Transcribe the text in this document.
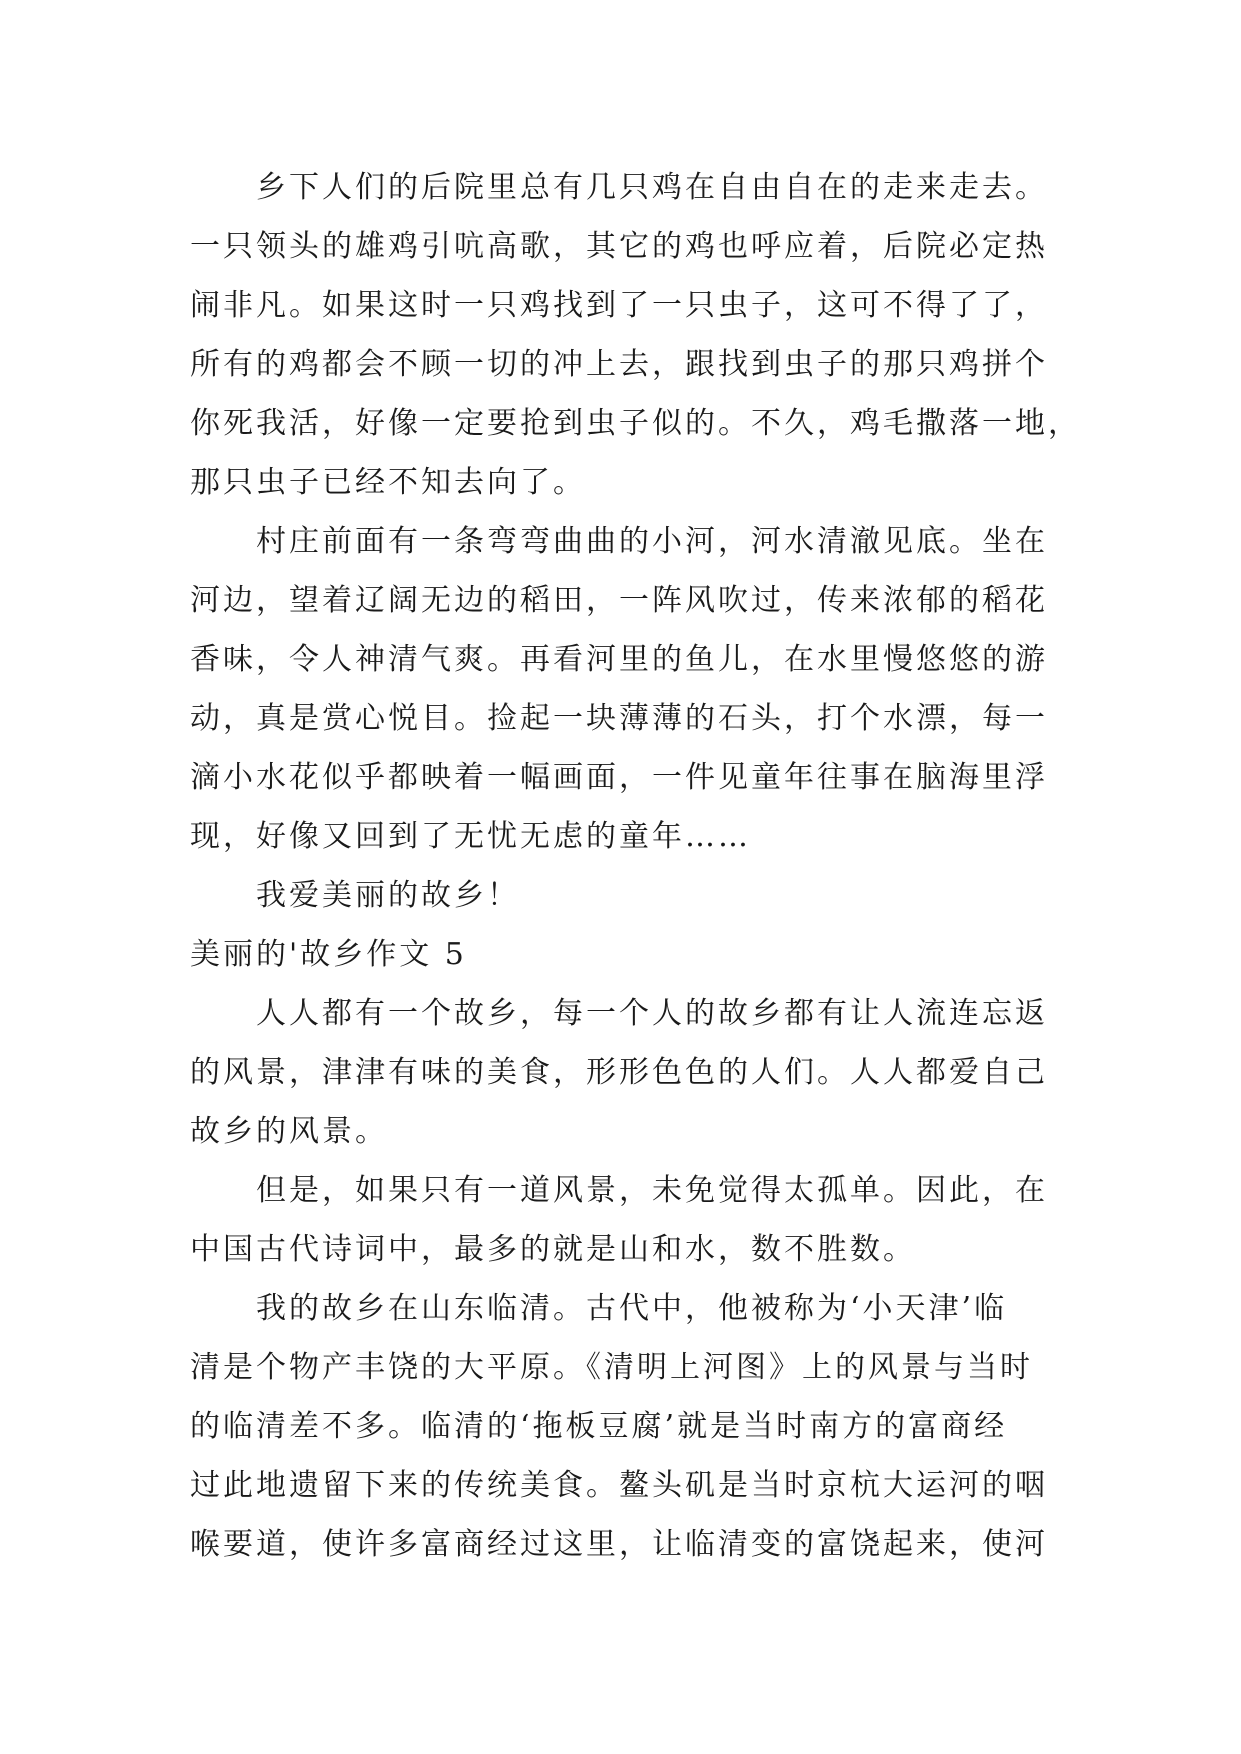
乡下人们的后院里总有几只鸡在自由自在的走来走去。
一只领头的雄鸡引吭高歌，其它的鸡也呼应着，后院必定热
闹非凡。如果这时一只鸡找到了一只虫子，这可不得了了，
所有的鸡都会不顾一切的冲上去，跟找到虫子的那只鸡拼个
你死我活，好像一定要抢到虫子似的。不久，鸡毛撒落一地，
那只虫子已经不知去向了。
村庄前面有一条弯弯曲曲的小河，河水清澈见底。坐在
河边，望着辽阔无边的稻田，一阵风吹过，传来浓郁的稻花
香味，令人神清气爽。再看河里的鱼儿，在水里慢悠悠的游
动，真是赏心悦目。捡起一块薄薄的石头，打个水漂，每一
滴小水花似乎都映着一幅画面，一件见童年往事在脑海里浮
现，好像又回到了无忧无虑的童年……
我爱美丽的故乡！
美丽的'故乡作文 5
人人都有一个故乡，每一个人的故乡都有让人流连忘返
的风景，津津有味的美食，形形色色的人们。人人都爱自己
故乡的风景。
但是，如果只有一道风景，未免觉得太孤单。因此，在
中国古代诗词中，最多的就是山和水，数不胜数。
我的故乡在山东临清。古代中，他被称为‘小天津’临
清是个物产丰饶的大平原。《清明上河图》上的风景与当时
的临清差不多。临清的‘拖板豆腐’就是当时南方的富商经
过此地遗留下来的传统美食。鳌头矶是当时京杭大运河的咽
喉要道，使许多富商经过这里，让临清变的富饶起来，使河
